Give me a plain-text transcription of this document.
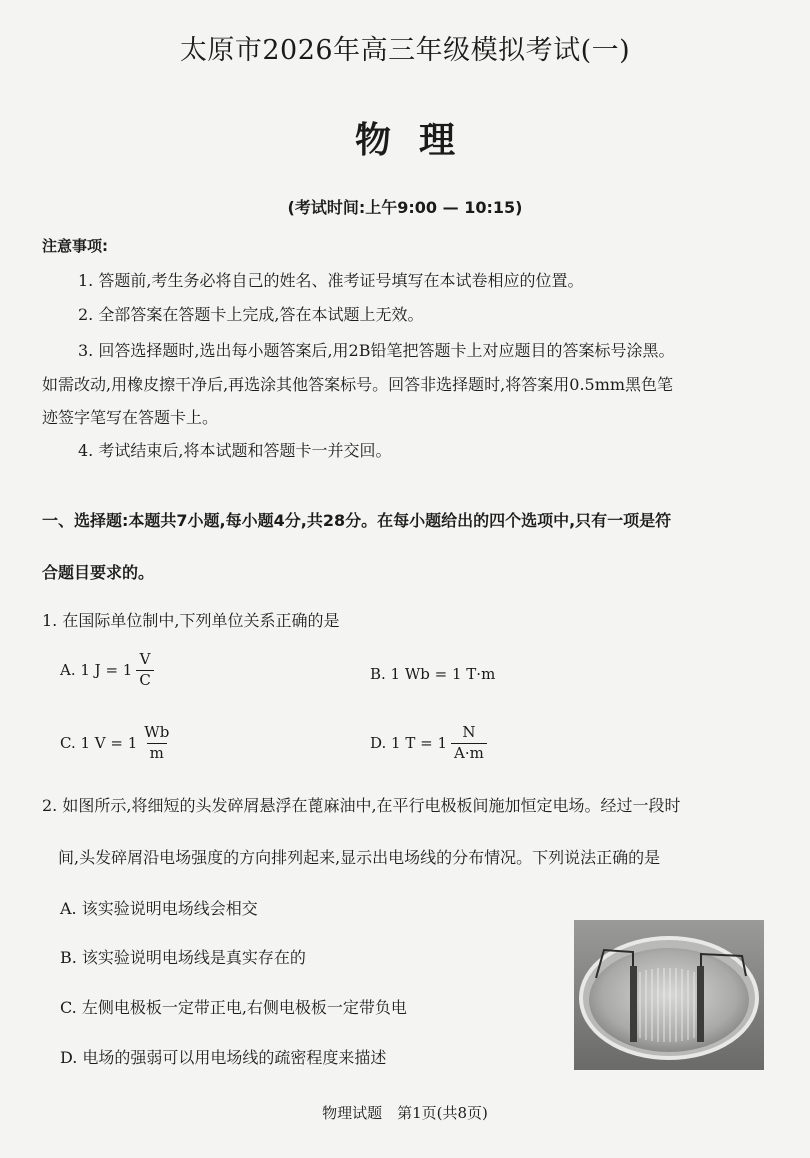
太原市2026年高三年级模拟考试(一)
物理
(考试时间:上午9:00 — 10:15)
注意事项:
1. 答题前,考生务必将自己的姓名、准考证号填写在本试卷相应的位置。
2. 全部答案在答题卡上完成,答在本试题上无效。
3. 回答选择题时,选出每小题答案后,用2B铅笔把答题卡上对应题目的答案标号涂黑。
如需改动,用橡皮擦干净后,再选涂其他答案标号。回答非选择题时,将答案用0.5mm黑色笔
迹签字笔写在答题卡上。
4. 考试结束后,将本试题和答题卡一并交回。
一、选择题:本题共7小题,每小题4分,共28分。在每小题给出的四个选项中,只有一项是符
合题目要求的。
1. 在国际单位制中,下列单位关系正确的是
A. 1 $J = 1 \frac{V}{C}$	B. 1 Wb = 1 T·m
C. 1 $V = 1 \frac{Wb}{m}$	D. 1 $T = 1 \frac{N}{A\cdot m}$
2. 如图所示,将细短的头发碎屑悬浮在蓖麻油中,在平行电极板间施加恒定电场。经过一段时
间,头发碎屑沿电场强度的方向排列起来,显示出电场线的分布情况。下列说法正确的是
A. 该实验说明电场线会相交
B. 该实验说明电场线是真实存在的
C. 左侧电极板一定带正电,右侧电极板一定带负电
D. 电场的强弱可以用电场线的疏密程度来描述
物理试题　第1页(共8页)
